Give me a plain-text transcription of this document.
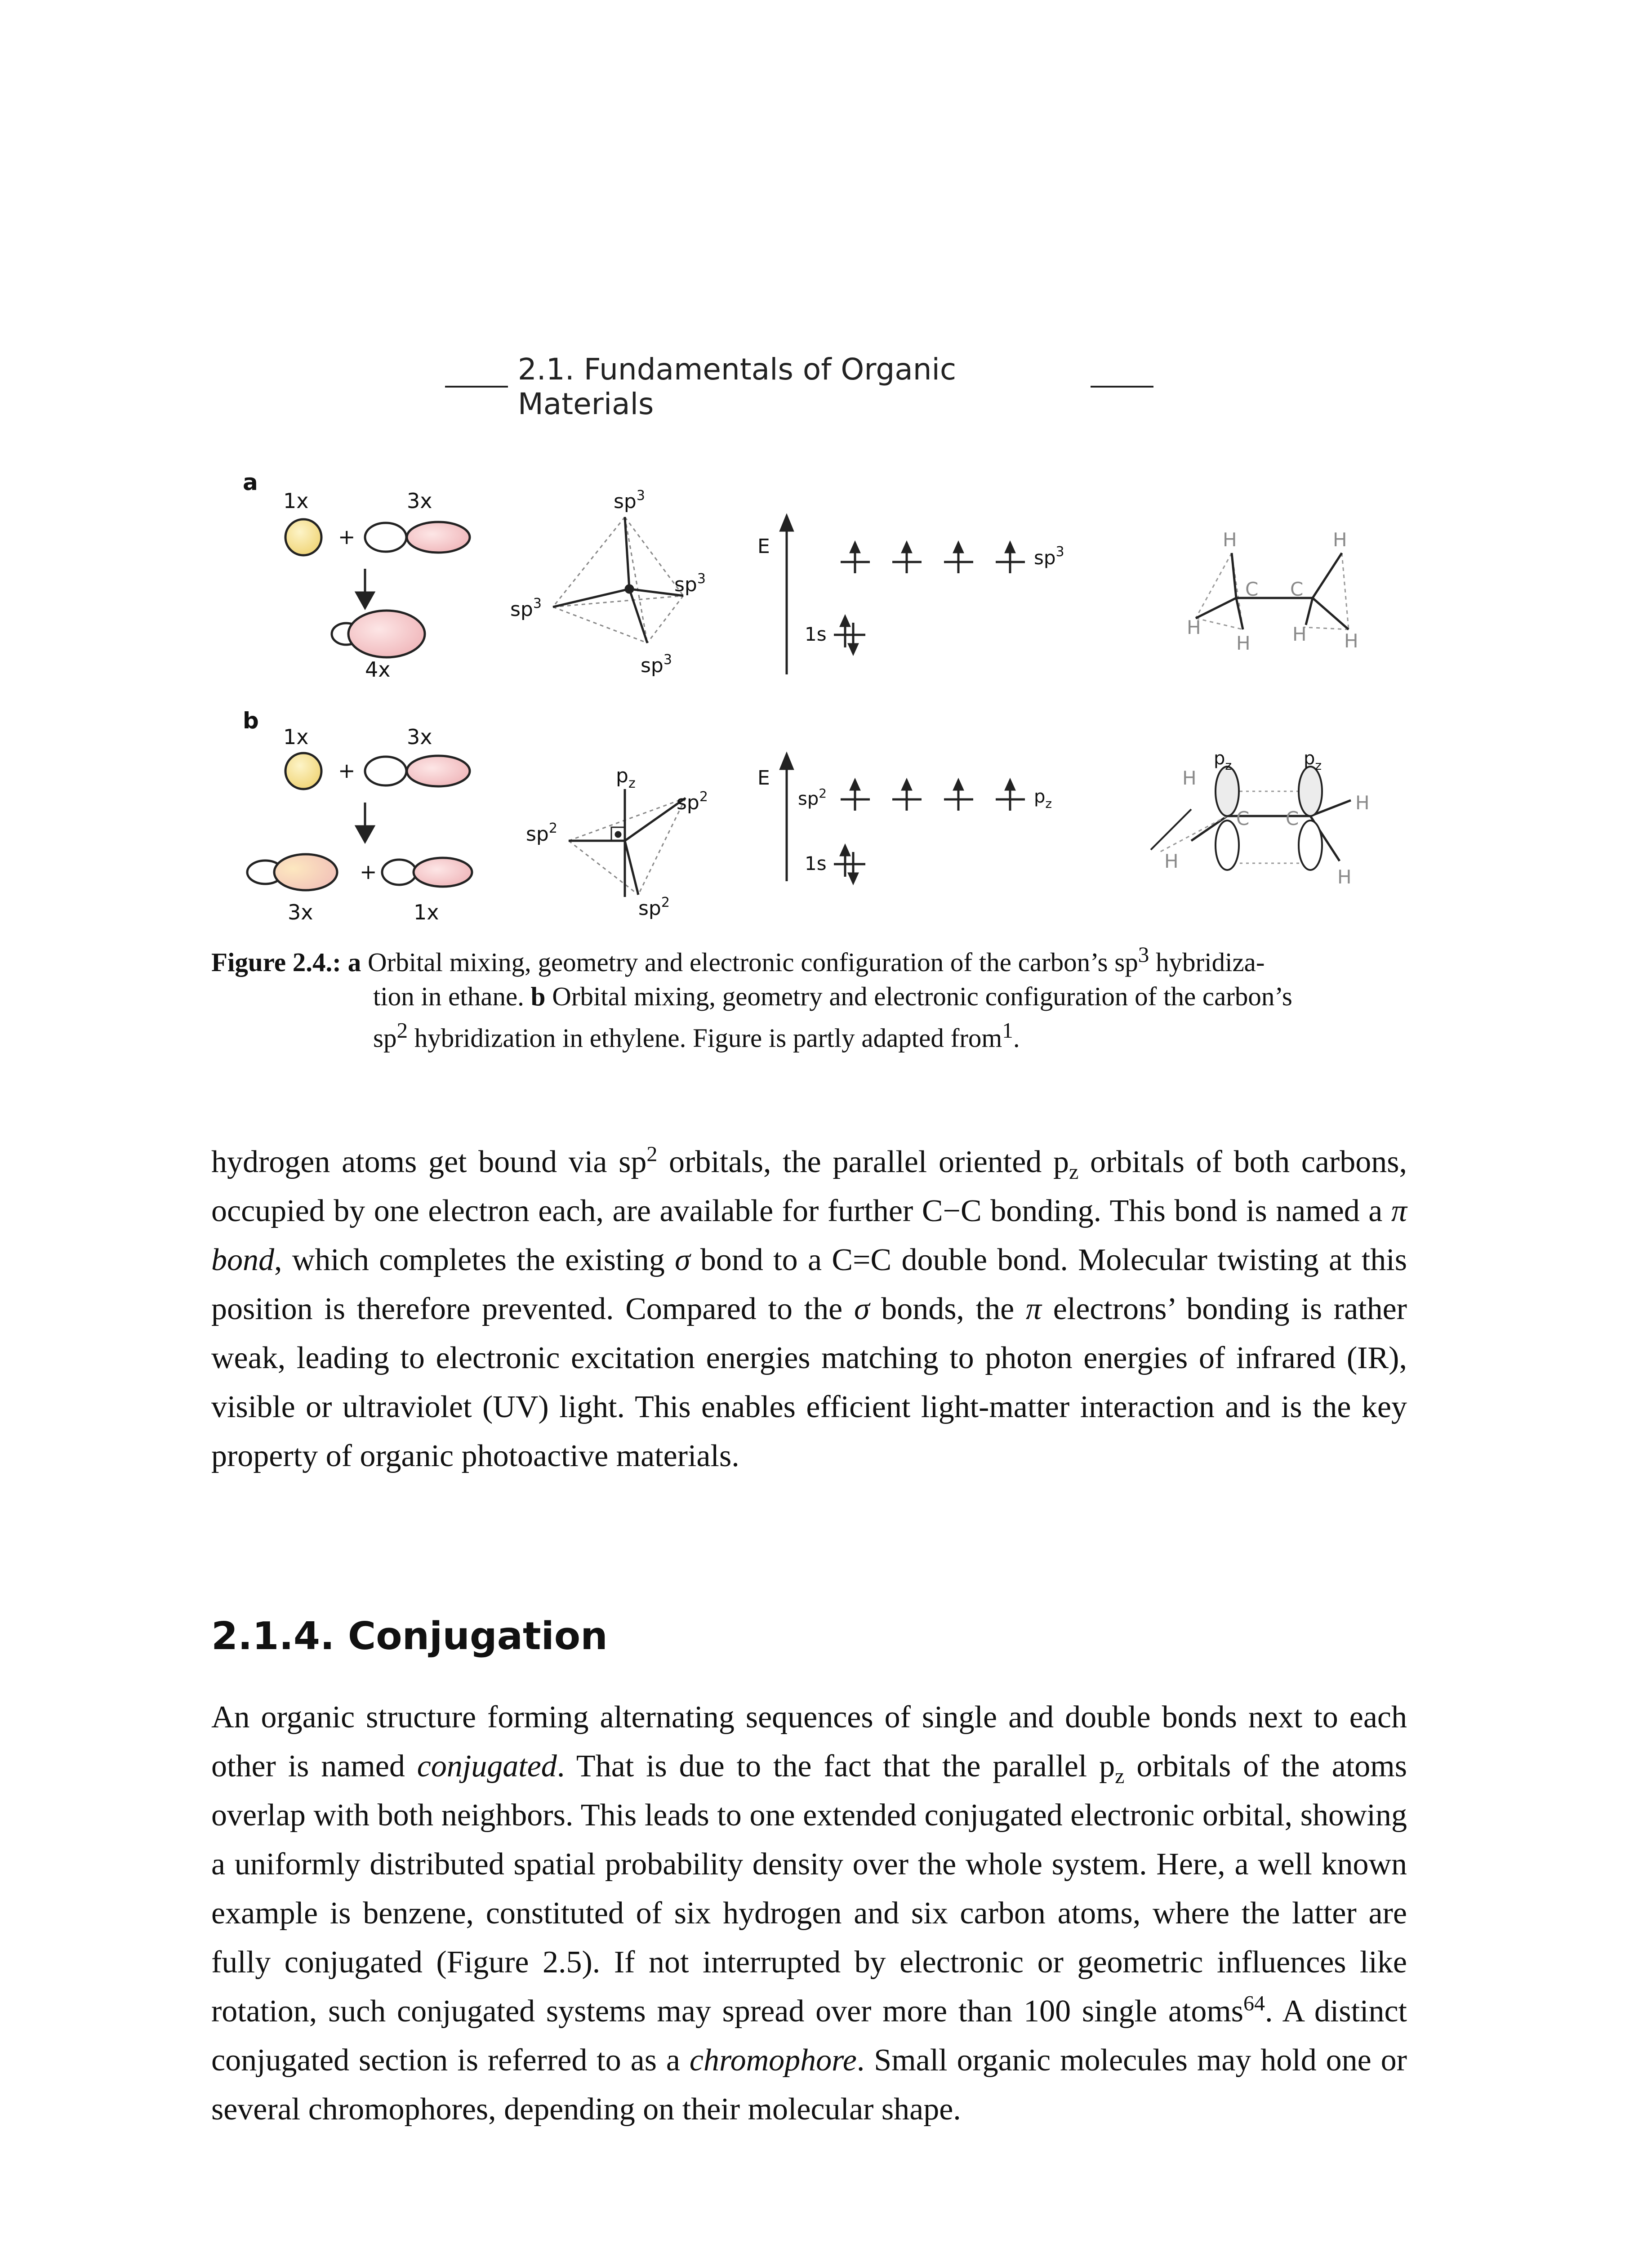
2.1. Fundamentals of Organic Materials
a
1x	3x
+
4x
$sp^3$
$sp^3$
$sp^3$
$sp^3$
E	$sp^3$
1s
H	H
H
H H H
C C
b
1x	3x
+
+
3x	1x
$p_z$
$sp^2$
$sp^2$
$sp^2$
E
$sp^2$	$p_z$
1s
H
H
H
H
C C
$p_z$	$p_z$
Figure 2.4.: a Orbital mixing, geometry and electronic configuration of the carbon’s $sp^3$ hybridiza-
tion in ethane. b Orbital mixing, geometry and electronic configuration of the carbon’s
$sp^2$ hybridization in ethylene. Figure is partly adapted from$^1$.

hydrogen atoms get bound via $sp^2$ orbitals, the parallel oriented $p_z$ orbitals of both carbons, occupied by one electron each, are available for further C−C bonding. This bond is named a π bond, which completes the existing σ bond to a C=C double bond. Molecular twisting at this position is therefore prevented. Compared to the σ bonds, the π electrons’ bonding is rather weak, leading to electronic excitation energies matching to photon energies of infrared (IR), visible or ultraviolet (UV) light. This enables efficient light-matter interaction and is the key property of organic photoactive materials.

2.1.4. Conjugation

An organic structure forming alternating sequences of single and double bonds next to each other is named conjugated. That is due to the fact that the parallel $p_z$ orbitals of the atoms overlap with both neighbors. This leads to one extended conjugated electronic orbital, showing a uniformly distributed spatial probability density over the whole system. Here, a well known example is benzene, constituted of six hydrogen and six carbon atoms, where the latter are fully conjugated (Figure 2.5). If not interrupted by electronic or geometric influences like rotation, such conjugated systems may spread over more than 100 single atoms$^{64}$. A distinct conjugated section is referred to as a chromophore. Small organic molecules may hold one or several chromophores, depending on their molecular shape.
